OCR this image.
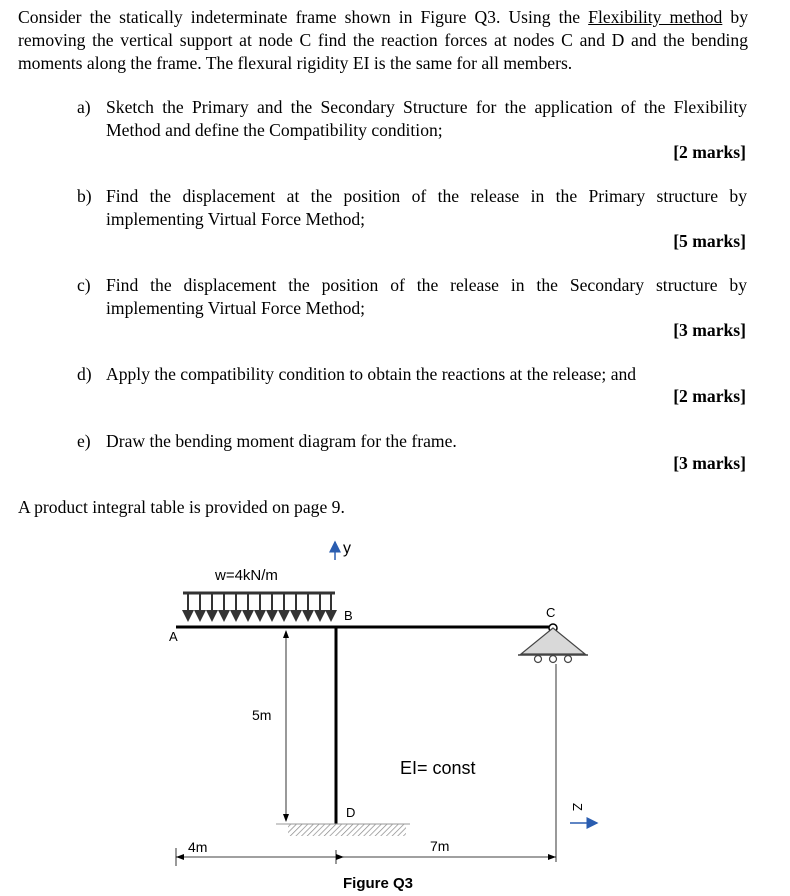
Consider the statically indeterminate frame shown in Figure Q3. Using the Flexibility method by removing the vertical support at node C find the reaction forces at nodes C and D and the bending moments along the frame. The flexural rigidity EI is the same for all members.
a) Sketch the Primary and the Secondary Structure for the application of the Flexibility Method and define the Compatibility condition;
[2 marks]
b) Find the displacement at the position of the release in the Primary structure by implementing Virtual Force Method;
[5 marks]
c) Find the displacement the position of the release in the Secondary structure by implementing Virtual Force Method;
[3 marks]
d) Apply the compatibility condition to obtain the reactions at the release; and
[2 marks]
e) Draw the bending moment diagram for the frame.
[3 marks]
A product integral table is provided on page 9.
y
w=4kN/m
A
B	C
D
5m
EI= const
Z
4m	7m
Figure Q3
